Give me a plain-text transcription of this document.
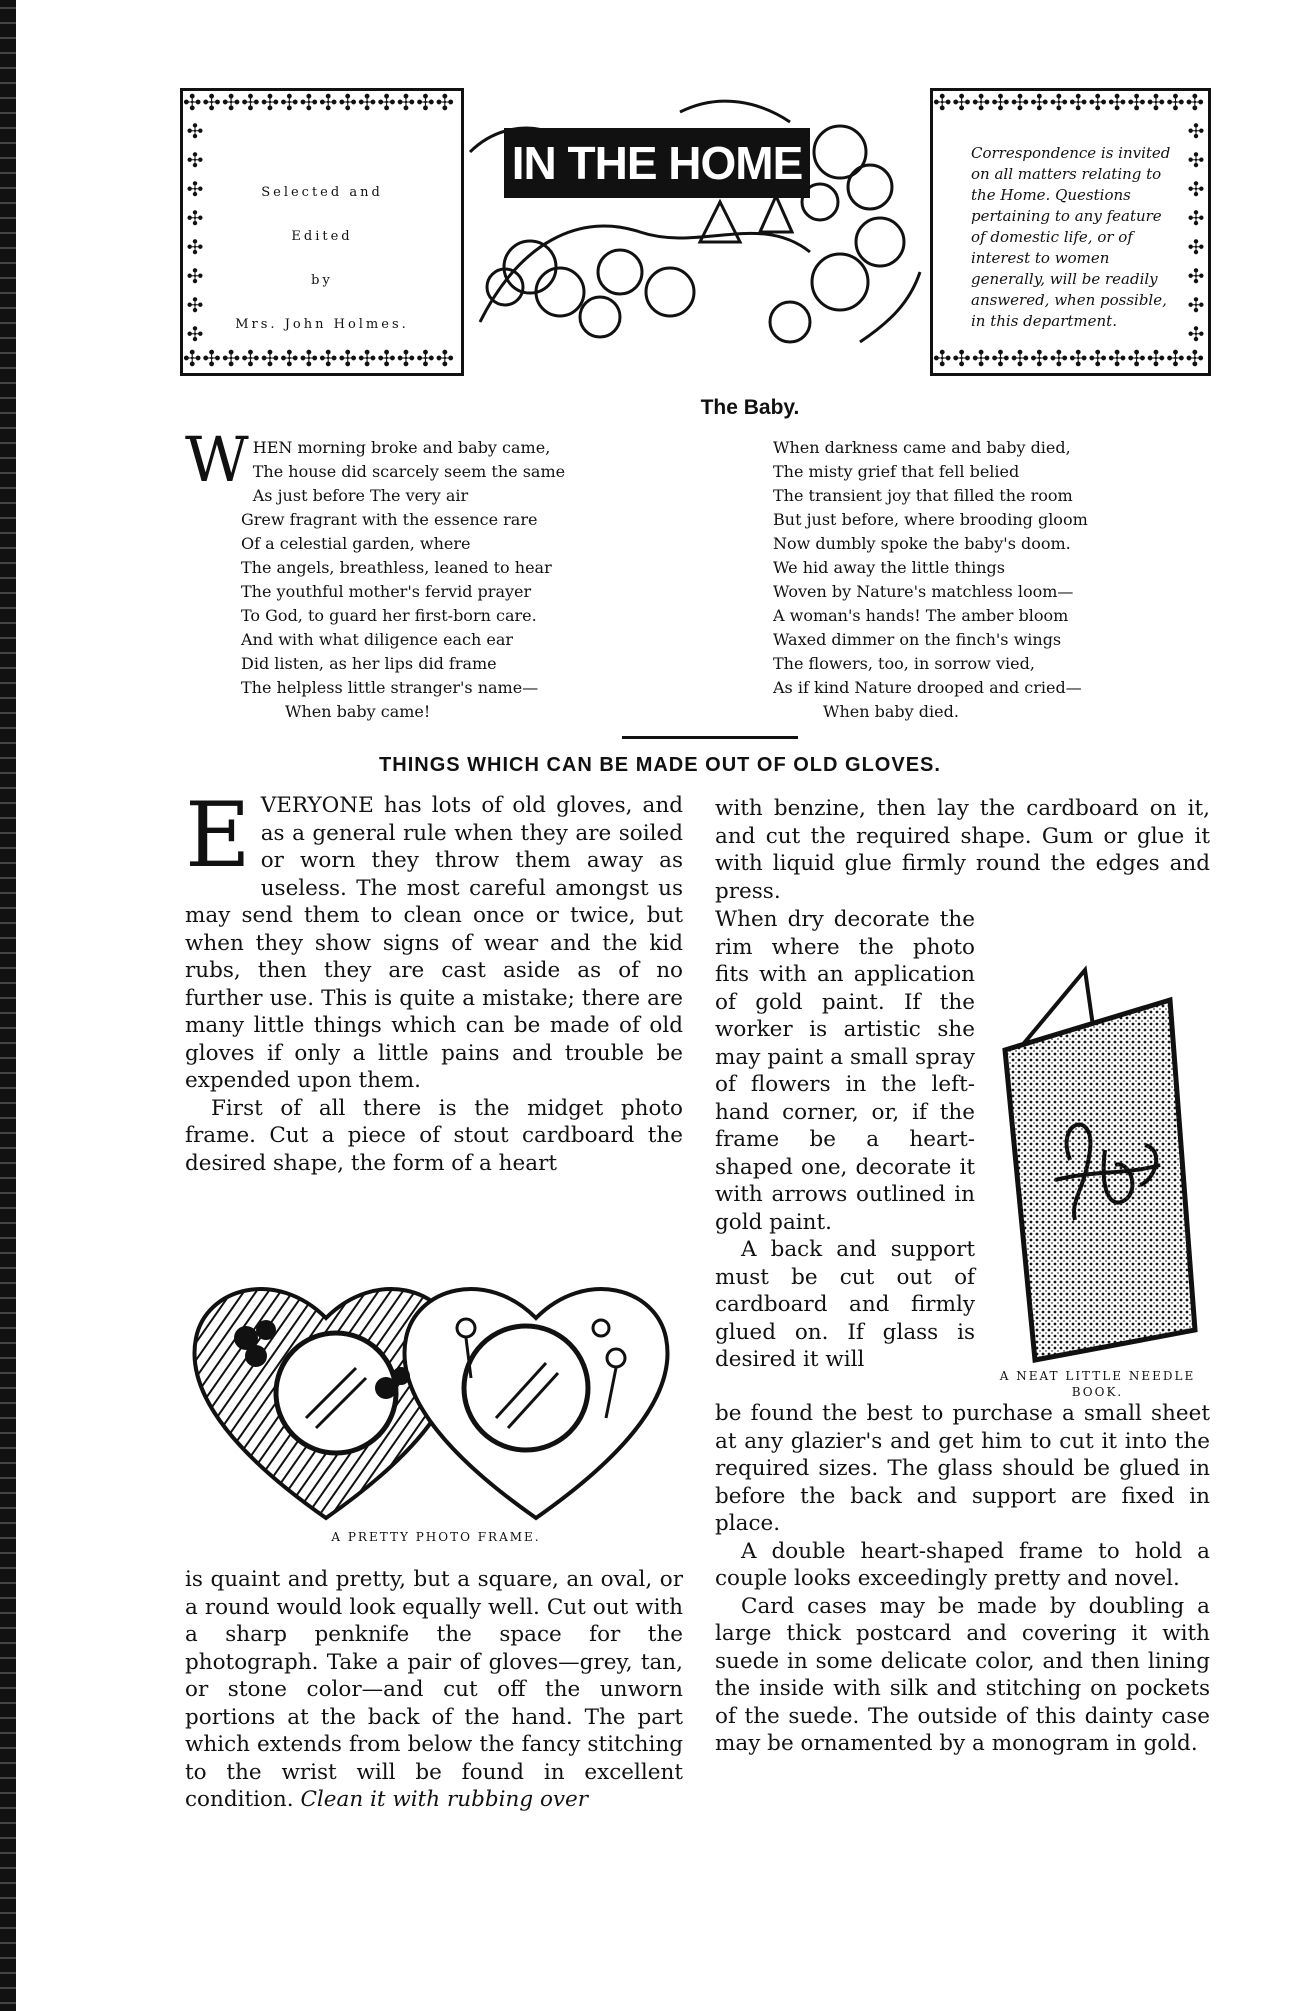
✣✣✣✣✣✣✣✣✣✣✣✣✣✣
✣
✣
✣
✣
✣
✣
✣
✣
Selected and
Edited
by
Mrs. John Holmes.
✣✣✣✣✣✣✣✣✣✣✣✣✣✣
IN THE HOME
✣✣✣✣✣✣✣✣✣✣✣✣✣✣
✣
✣
✣
✣
✣
✣
✣
✣
Correspondence is invited on all matters relating to the Home. Questions pertaining to any feature of domestic life, or of interest to women generally, will be readily answered, when possible, in this department.
✣✣✣✣✣✣✣✣✣✣✣✣✣✣
The Baby.
W HEN morning broke and baby came,

The house did scarcely seem the same

As just before The very air

Grew fragrant with the essence rare

Of a celestial garden, where

The angels, breathless, leaned to hear

The youthful mother's fervid prayer

To God, to guard her first-born care.

And with what diligence each ear

Did listen, as her lips did frame

The helpless little stranger's name—

When baby came!

When darkness came and baby died,

The misty grief that fell belied

The transient joy that filled the room

But just before, where brooding gloom

Now dumbly spoke the baby's doom.

We hid away the little things

Woven by Nature's matchless loom—

A woman's hands! The amber bloom

Waxed dimmer on the finch's wings

The flowers, too, in sorrow vied,

As if kind Nature drooped and cried—

When baby died.

THINGS WHICH CAN BE MADE OUT OF OLD GLOVES.

EVERYONE has lots of old gloves, and as a general rule when they are soiled or worn they throw them away as useless. The most careful amongst us may send them to clean once or twice, but when they show signs of wear and the kid rubs, then they are cast aside as of no further use. This is quite a mistake; there are many little things which can be made of old gloves if only a little pains and trouble be expended upon them.

First of all there is the midget photo frame. Cut a piece of stout cardboard the desired shape, the form of a heart

A PRETTY PHOTO FRAME.

is quaint and pretty, but a square, an oval, or a round would look equally well. Cut out with a sharp penknife the space for the photograph. Take a pair of gloves—grey, tan, or stone color—and cut off the unworn portions at the back of the hand. The part which extends from below the fancy stitching to the wrist will be found in excellent condition. Clean it with rubbing over

with benzine, then lay the cardboard on it, and cut the required shape. Gum or glue it with liquid glue firmly round the edges and press.

When dry decorate the rim where the photo fits with an application of gold paint. If the worker is artistic she may paint a small spray of flowers in the left-hand corner, or, if the frame be a heart-shaped one, decorate it with arrows outlined in gold paint.

A back and support must be cut out of cardboard and firmly glued on. If glass is desired it will

A NEAT LITTLE NEEDLE BOOK.

be found the best to purchase a small sheet at any glazier's and get him to cut it into the required sizes. The glass should be glued in before the back and support are fixed in place.

A double heart-shaped frame to hold a couple looks exceedingly pretty and novel.

Card cases may be made by doubling a large thick postcard and covering it with suede in some delicate color, and then lining the inside with silk and stitching on pockets of the suede. The outside of this dainty case may be ornamented by a monogram in gold.
